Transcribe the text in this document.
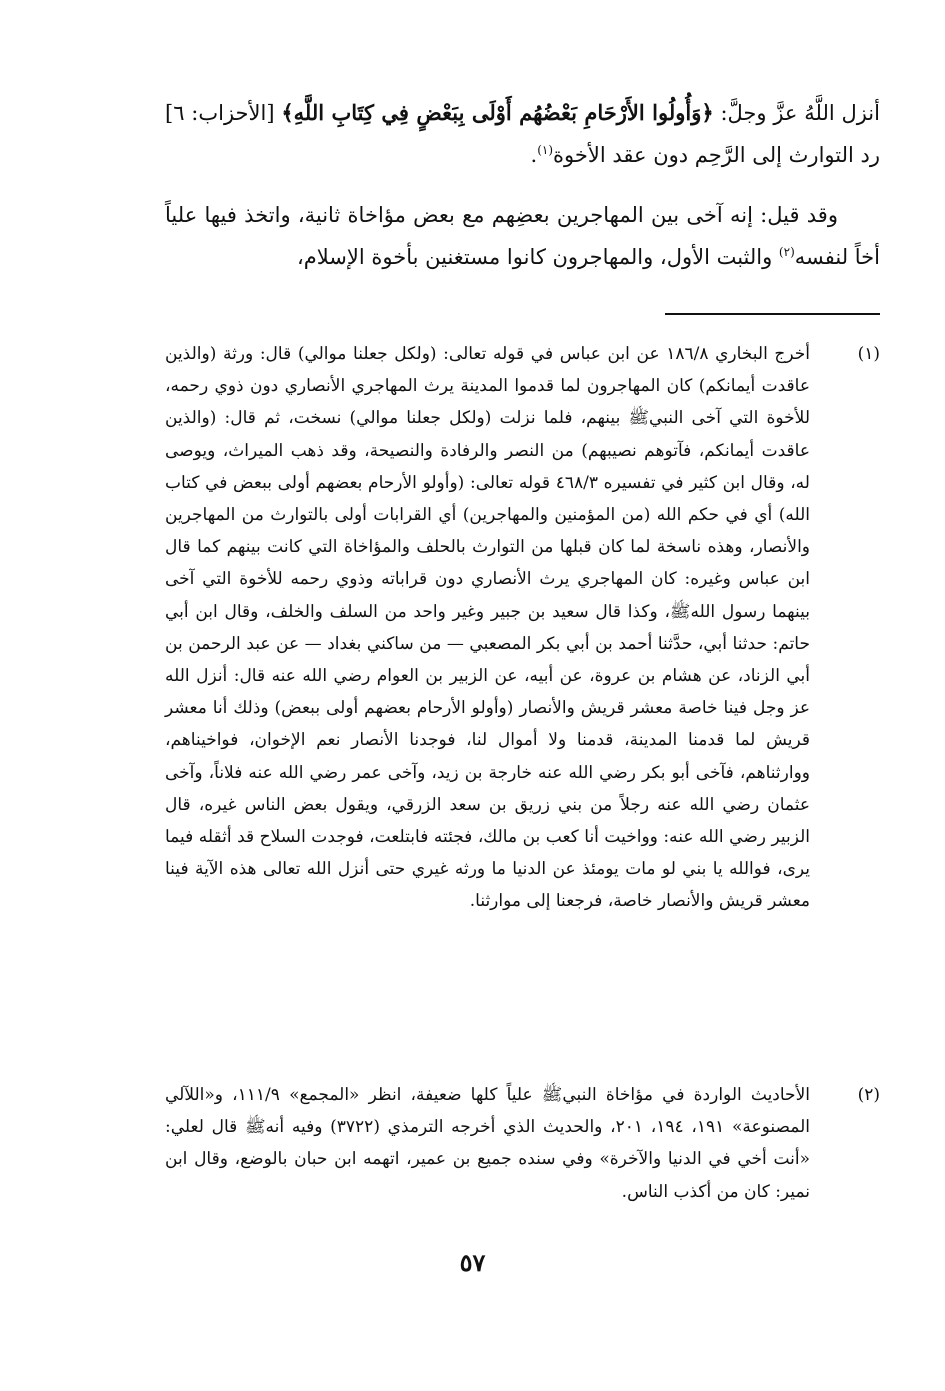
أنزل اللَّهُ عزَّ وجلَّ: ﴿وَأُولُوا الأَرْحَامِ بَعْضُهُم أَوْلَى بِبَعْضٍ فِي كِتَابِ اللَّهِ﴾ [الأحزاب: ٦] رد التوارث إلى الرَّحِم دون عقد الأخوة$^{(١)}$.

وقد قيل: إنه آخى بين المهاجرين بعضِهم مع بعض مؤاخاة ثانية، واتخذ فيها علياً أخاً لنفسه$^{(٢)}$ والثبت الأول، والمهاجرون كانوا مستغنين بأخوة الإسلام،

(١)
أخرج البخاري ١٨٦/٨ عن ابن عباس في قوله تعالى: (ولكل جعلنا موالي) قال: ورثة (والذين عاقدت أيمانكم) كان المهاجرون لما قدموا المدينة يرث المهاجري الأنصاري دون ذوي رحمه، للأخوة التي آخى النبيﷺ بينهم، فلما نزلت (ولكل جعلنا موالي) نسخت، ثم قال: (والذين عاقدت أيمانكم، فآتوهم نصيبهم) من النصر والرفادة والنصيحة، وقد ذهب الميراث، ويوصى له، وقال ابن كثير في تفسيره ٤٦٨/٣ قوله تعالى: (وأولو الأرحام بعضهم أولى ببعض في كتاب الله) أي في حكم الله (من المؤمنين والمهاجرين) أي القرابات أولى بالتوارث من المهاجرين والأنصار، وهذه ناسخة لما كان قبلها من التوارث بالحلف والمؤاخاة التي كانت بينهم كما قال ابن عباس وغيره: كان المهاجري يرث الأنصاري دون قراباته وذوي رحمه للأخوة التي آخى بينهما رسول اللهﷺ، وكذا قال سعيد بن جبير وغير واحد من السلف والخلف، وقال ابن أبي حاتم: حدثنا أبي، حدَّثنا أحمد بن أبي بكر المصعبي — من ساكني بغداد — عن عبد الرحمن بن أبي الزناد، عن هشام بن عروة، عن أبيه، عن الزبير بن العوام رضي الله عنه قال: أنزل الله عز وجل فينا خاصة معشر قريش والأنصار (وأولو الأرحام بعضهم أولى ببعض) وذلك أنا معشر قريش لما قدمنا المدينة، قدمنا ولا أموال لنا، فوجدنا الأنصار نعم الإخوان، فواخيناهم، ووارثناهم، فآخى أبو بكر رضي الله عنه خارجة بن زيد، وآخى عمر رضي الله عنه فلاناً، وآخى عثمان رضي الله عنه رجلاً من بني زريق بن سعد الزرقي، ويقول بعض الناس غيره، قال الزبير رضي الله عنه: وواخيت أنا كعب بن مالك، فجئته فابتلعت، فوجدت السلاح قد أثقله فيما يرى، فوالله يا بني لو مات يومئذ عن الدنيا ما ورثه غيري حتى أنزل الله تعالى هذه الآية فينا معشر قريش والأنصار خاصة، فرجعنا إلى موارثنا.
(٢)
الأحاديث الواردة في مؤاخاة النبيﷺ علياً كلها ضعيفة، انظر «المجمع» ١١١/٩، و«اللآلي المصنوعة» ١٩١، ١٩٤، ٢٠١، والحديث الذي أخرجه الترمذي (٣٧٢٢) وفيه أنهﷺ قال لعلي: «أنت أخي في الدنيا والآخرة» وفي سنده جميع بن عمير، اتهمه ابن حبان بالوضع، وقال ابن نمير: كان من أكذب الناس.
٥٧
